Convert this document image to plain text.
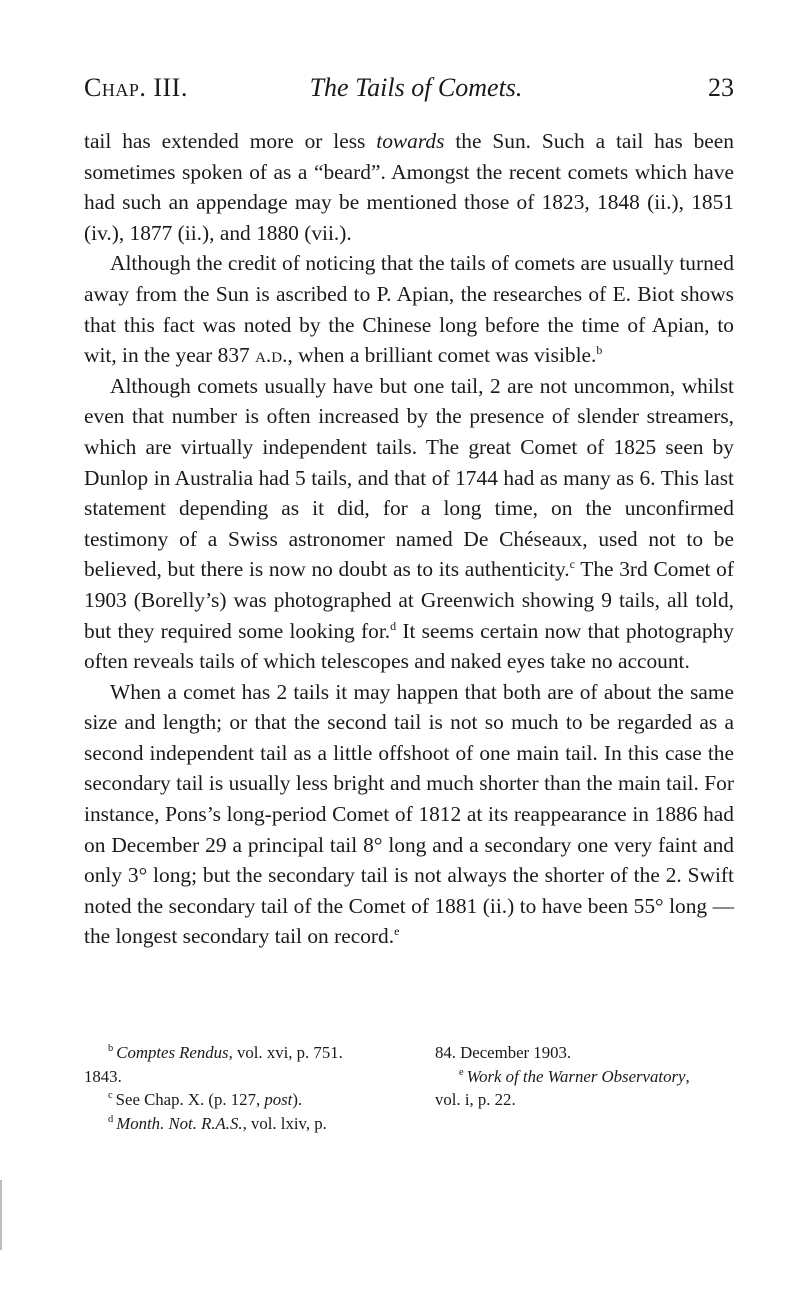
Chap. III.	The Tails of Comets.	23

tail has extended more or less towards the Sun. Such a tail has been sometimes spoken of as a “beard”. Amongst the recent comets which have had such an appendage may be mentioned those of 1823, 1848 (ii.), 1851 (iv.), 1877 (ii.), and 1880 (vii.).

Although the credit of noticing that the tails of comets are usually turned away from the Sun is ascribed to P. Apian, the researches of E. Biot shows that this fact was noted by the Chinese long before the time of Apian, to wit, in the year 837 a.d., when a brilliant comet was visible.$^b$

Although comets usually have but one tail, 2 are not uncommon, whilst even that number is often increased by the presence of slender streamers, which are virtually independent tails. The great Comet of 1825 seen by Dunlop in Australia had 5 tails, and that of 1744 had as many as 6. This last statement depending as it did, for a long time, on the unconfirmed testimony of a Swiss astronomer named De Chéseaux, used not to be believed, but there is now no doubt as to its authenticity.$^c$ The 3rd Comet of 1903 (Borelly’s) was photographed at Greenwich showing 9 tails, all told, but they required some looking for.$^d$ It seems certain now that photography often reveals tails of which telescopes and naked eyes take no account.

When a comet has 2 tails it may happen that both are of about the same size and length; or that the second tail is not so much to be regarded as a second independent tail as a little offshoot of one main tail. In this case the secondary tail is usually less bright and much shorter than the main tail. For instance, Pons’s long-period Comet of 1812 at its reappearance in 1886 had on December 29 a principal tail 8° long and a secondary one very faint and only 3° long; but the secondary tail is not always the shorter of the 2. Swift noted the secondary tail of the Comet of 1881 (ii.) to have been 55° long —the longest secondary tail on record.$^e$

$^b$ Comptes Rendus, vol. xvi, p. 751.

1843.

$^c$ See Chap. X. (p. 127, post).

$^d$ Month. Not. R.A.S., vol. lxiv, p.

84. December 1903.

$^e$ Work of the Warner Observatory,

vol. i, p. 22.
